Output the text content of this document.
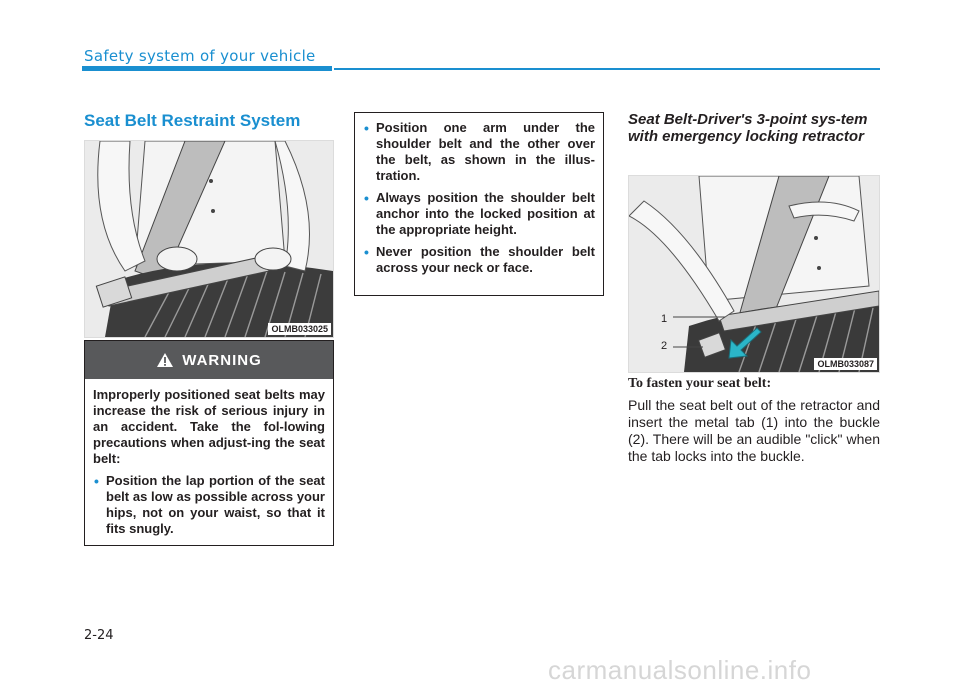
Safety system of your vehicle
Seat Belt Restraint System
OLMB033025
WARNING
Improperly positioned seat belts may increase the risk of serious injury in an accident. Take the fol-lowing precautions when adjust-ing the seat belt:
• Position the lap portion of the seat belt as low as possible across your hips, not on your waist, so that it fits snugly.
• Position one arm under the shoulder belt and the other over the belt, as shown in the illus-tration.
• Always position the shoulder belt anchor into the locked position at the appropriate height.
• Never position the shoulder belt across your neck or face.
Seat Belt-Driver's 3-point sys-tem with emergency locking retractor
1
2
OLMB033087
To fasten your seat belt:
Pull the seat belt out of the retractor and insert the metal tab (1) into the buckle (2). There will be an audible "click" when the tab locks into the buckle.
2-24
carmanualsonline.info
